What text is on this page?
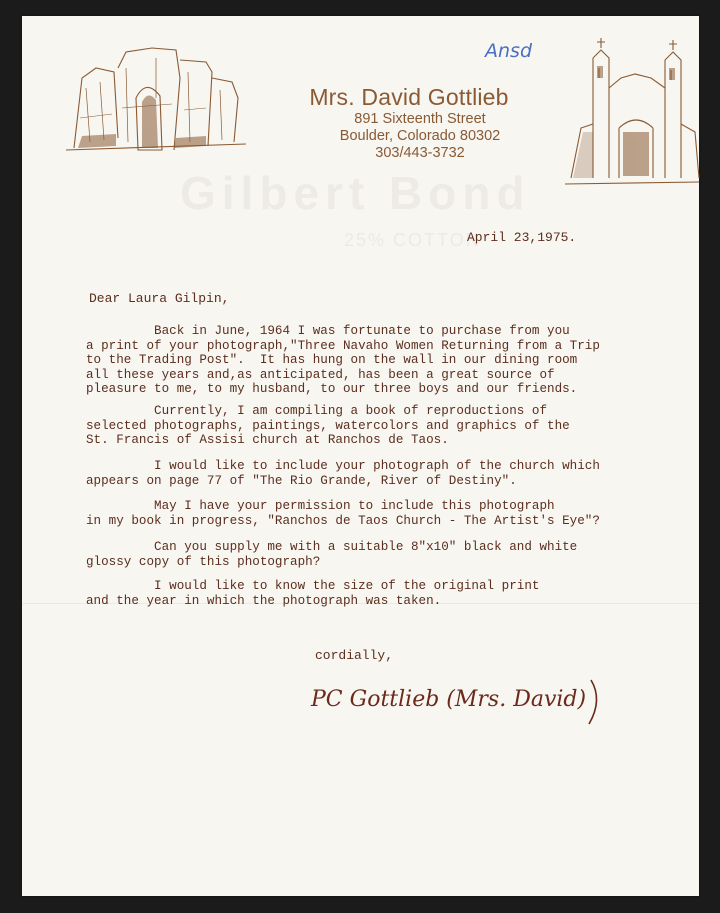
Gilbert Bond
25% COTTON
Mrs. David Gottlieb
891 Sixteenth Street
Boulder, Colorado 80302
303/443-3732
Ansd
April 23,1975.
Dear Laura Gilpin,
Back in June, 1964 I was fortunate to purchase from you
a print of your photograph,"Three Navaho Women Returning from a Trip
to the Trading Post".  It has hung on the wall in our dining room
all these years and,as anticipated, has been a great source of
pleasure to me, to my husband, to our three boys and our friends.
Currently, I am compiling a book of reproductions of
selected photographs, paintings, watercolors and graphics of the
St. Francis of Assisi church at Ranchos de Taos.
I would like to include your photograph of the church which
appears on page 77 of "The Rio Grande, River of Destiny".
May I have your permission to include this photograph
in my book in progress, "Ranchos de Taos Church - The Artist's Eye"?
Can you supply me with a suitable 8"x10" black and white
glossy copy of this photograph?
I would like to know the size of the original print
and the year in which the photograph was taken.
cordially,
PC Gottlieb (Mrs. David)
